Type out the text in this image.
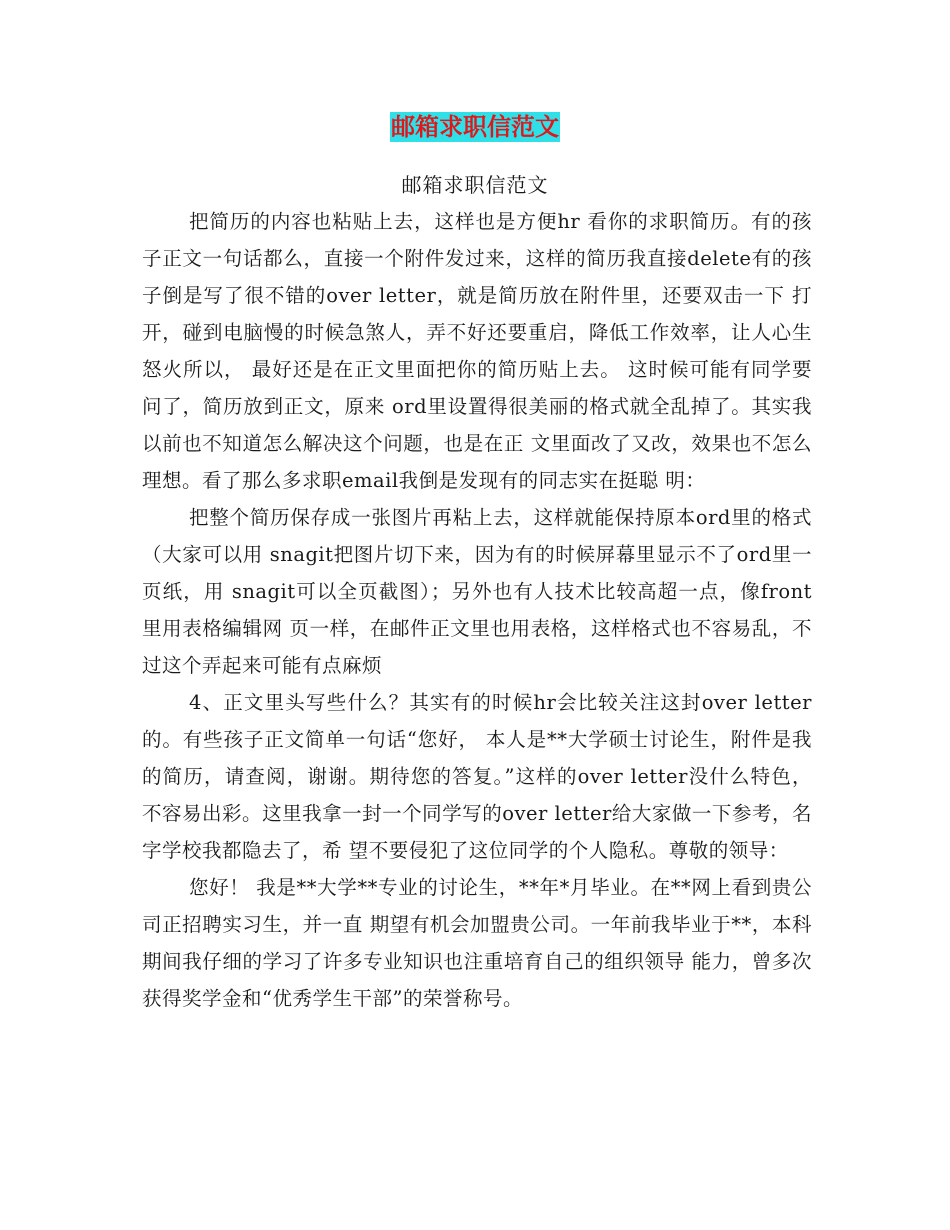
邮箱求职信范文
邮箱求职信范文

把简历的内容也粘贴上去，这样也是方便hr 看你的求职简历。有的孩子正文一句话都么，直接一个附件发过来，这样的简历我直接delete有的孩子倒是写了很不错的over letter，就是简历放在附件里，还要双击一下 打开，碰到电脑慢的时候急煞人，弄不好还要重启，降低工作效率，让人心生怒火所以， 最好还是在正文里面把你的简历贴上去。 这时候可能有同学要问了，简历放到正文，原来 ord里设置得很美丽的格式就全乱掉了。其实我以前也不知道怎么解决这个问题，也是在正 文里面改了又改，效果也不怎么理想。看了那么多求职email我倒是发现有的同志实在挺聪 明：

把整个简历保存成一张图片再粘上去，这样就能保持原本ord里的格式（大家可以用 snagit把图片切下来，因为有的时候屏幕里显示不了ord里一页纸，用 snagit可以全页截图）；另外也有人技术比较高超一点，像front里用表格编辑网 页一样，在邮件正文里也用表格，这样格式也不容易乱，不过这个弄起来可能有点麻烦

4、正文里头写些什么？其实有的时候hr会比较关注这封over letter的。有些孩子正文简单一句话“您好， 本人是**大学硕士讨论生，附件是我的简历，请查阅，谢谢。期待您的答复。”这样的over letter没什么特色，不容易出彩。这里我拿一封一个同学写的over letter给大家做一下参考，名字学校我都隐去了，希 望不要侵犯了这位同学的个人隐私。尊敬的领导：

您好！ 我是**大学**专业的讨论生，**年*月毕业。在**网上看到贵公司正招聘实习生，并一直 期望有机会加盟贵公司。一年前我毕业于**，本科期间我仔细的学习了许多专业知识也注重培育自己的组织领导 能力，曾多次获得奖学金和“优秀学生干部”的荣誉称号。
